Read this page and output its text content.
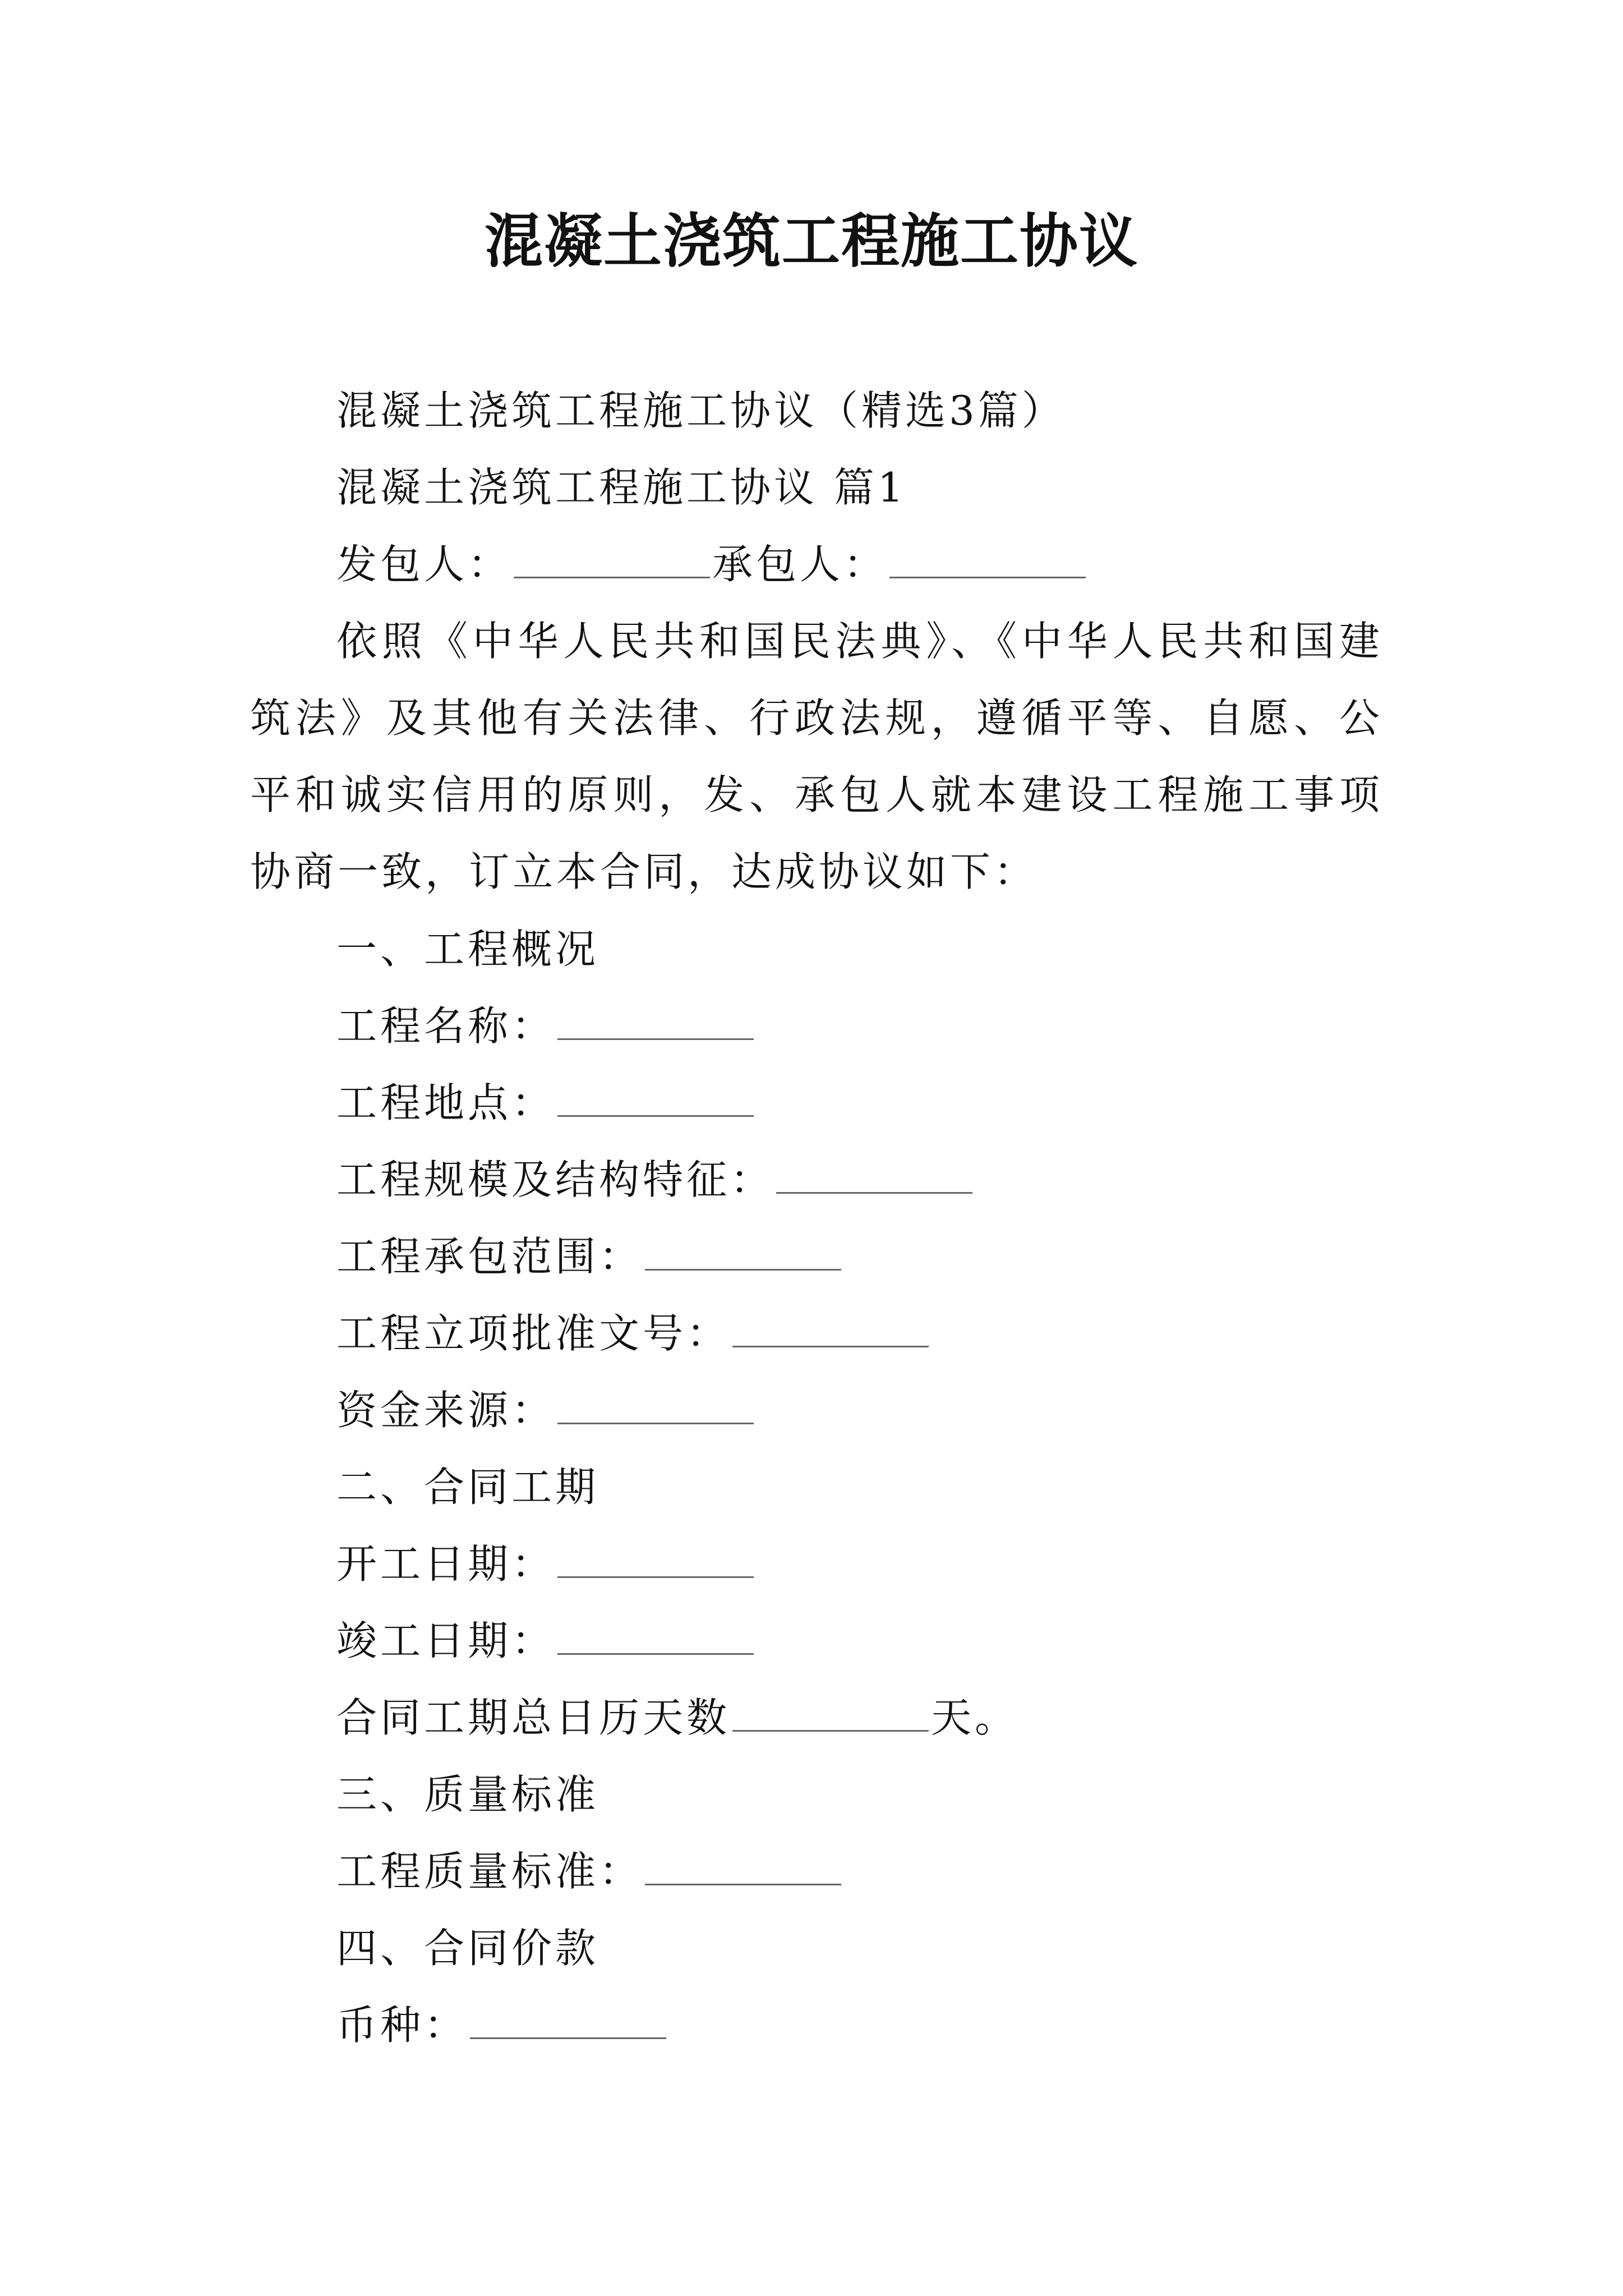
混凝土浇筑工程施工协议
混凝土浇筑工程施工协议（精选3篇）
混凝土浇筑工程施工协议 篇1
发包人：	承包人：
依照《中华人民共和国民法典》、《中华人民共和国建筑法》及其他有关法律、行政法规，遵循平等、自愿、公平和诚实信用的原则，发、承包人就本建设工程施工事项协商一致，订立本合同，达成协议如下：
一、工程概况
工程名称：
工程地点：
工程规模及结构特征：
工程承包范围：
工程立项批准文号：
资金来源：
二、合同工期
开工日期：
竣工日期：
合同工期总日历天数	天。
三、质量标准
工程质量标准：
四、合同价款
币种：
